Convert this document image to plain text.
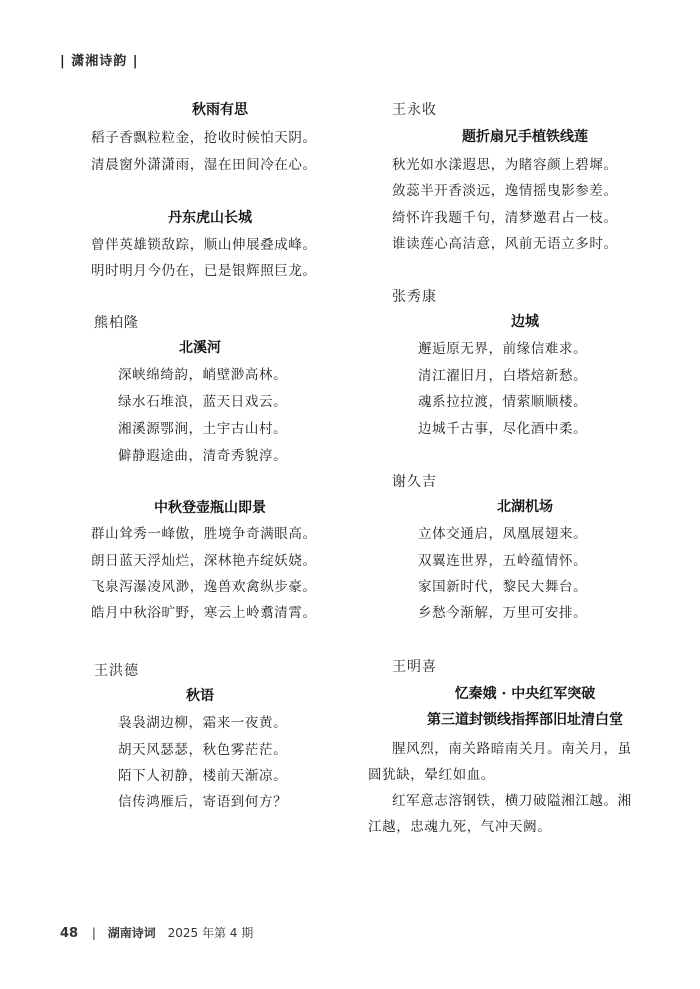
| 潇湘诗韵 |
秋雨有思
稻子香飘粒粒金，抢收时候怕天阴。
清晨窗外潇潇雨，湿在田间冷在心。
丹东虎山长城
曾伴英雄锁敌踪，顺山伸展叠成峰。
明时明月今仍在，已是银辉照巨龙。
熊柏隆
北溪河
深峡绵绮韵，峭壁渺高林。
绿水石堆浪，蓝天日戏云。
湘溪源鄂涧，土宇古山村。
僻静遐途曲，清奇秀貌淳。
中秋登壶瓶山即景
群山耸秀一峰傲，胜境争奇满眼高。
朗日蓝天浮灿烂，深林艳卉绽妖娆。
飞泉泻瀑凌风渺，逸兽欢禽纵步豪。
皓月中秋浴旷野，寒云上岭翥清霄。
王洪德
秋语
袅袅湖边柳，霜来一夜黄。
胡天风瑟瑟，秋色雾茫茫。
陌下人初静，楼前天渐凉。
信传鸿雁后，寄语到何方？
王永收
题折扇兄手植铁线莲
秋光如水漾遐思，为睹容颜上碧墀。
敛蕊半开香淡远，逸情摇曳影参差。
绮怀许我题千句，清梦邀君占一枝。
谁读莲心高洁意，风前无语立多时。
张秀康
边城
邂逅原无界，前缘信难求。
清江濯旧月，白塔焙新愁。
魂系拉拉渡，情萦顺顺楼。
边城千古事，尽化酒中柔。
谢久吉
北湖机场
立体交通启，凤凰展翅来。
双翼连世界，五岭蕴情怀。
家国新时代，黎民大舞台。
乡愁今渐解，万里可安排。
王明喜
忆秦娥 · 中央红军突破
第三道封锁线指挥部旧址清白堂
腥风烈，南关路暗南关月。南关月，虽
圆犹缺，晕红如血。
红军意志溶钢铁，横刀破隘湘江越。湘
江越，忠魂九死，气冲天阙。
48 | 湖南诗词 2025 年第 4 期
